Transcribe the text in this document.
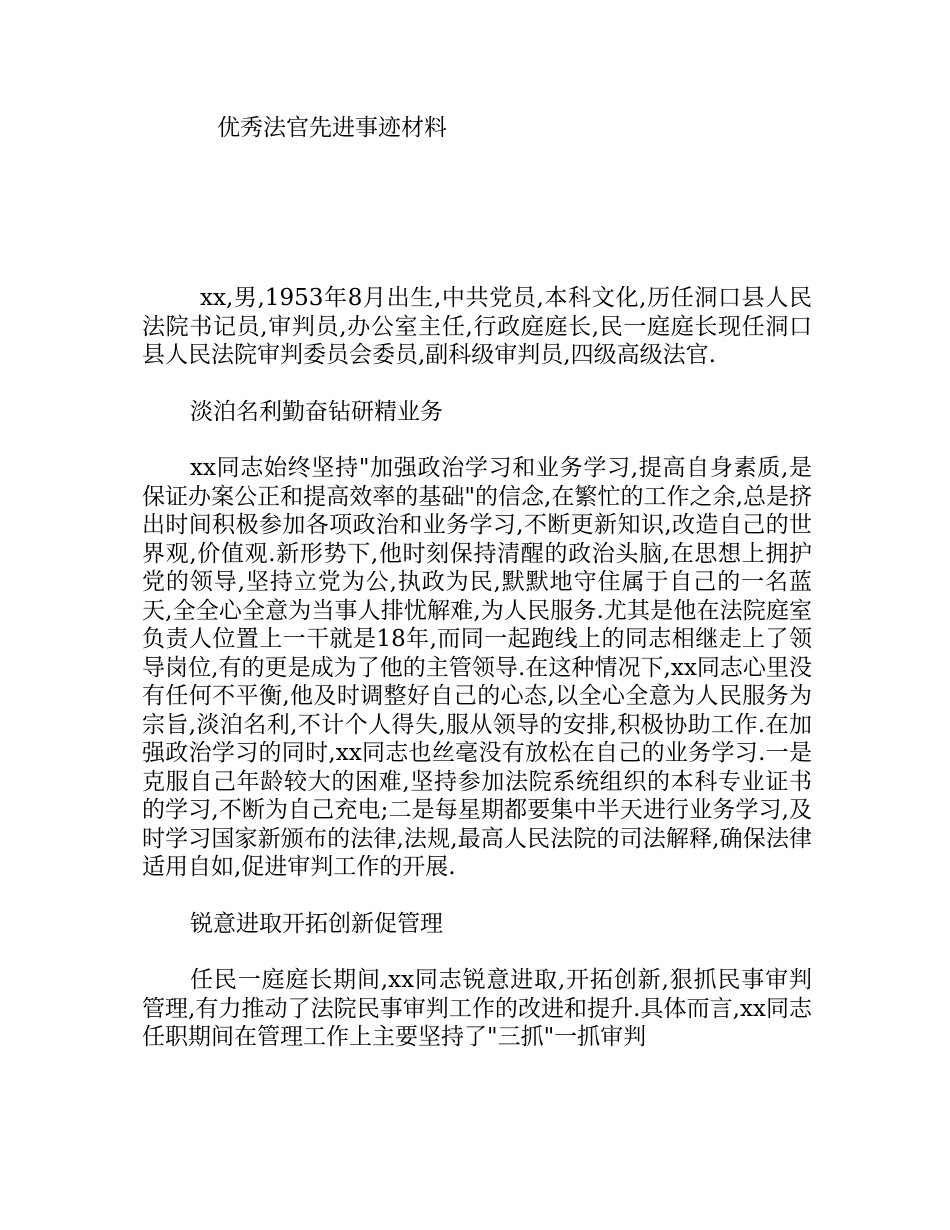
优秀法官先进事迹材料

xx,男,1953年8月出生,中共党员,本科文化,历任洞口县人民法院书记员,审判员,办公室主任,行政庭庭长,民一庭庭长现任洞口县人民法院审判委员会委员,副科级审判员,四级高级法官.

淡泊名利勤奋钻研精业务

xx同志始终坚持"加强政治学习和业务学习,提高自身素质,是保证办案公正和提高效率的基础"的信念,在繁忙的工作之余,总是挤出时间积极参加各项政治和业务学习,不断更新知识,改造自己的世界观,价值观.新形势下,他时刻保持清醒的政治头脑,在思想上拥护党的领导,坚持立党为公,执政为民,默默地守住属于自己的一名蓝天,全全心全意为当事人排忧解难,为人民服务.尤其是他在法院庭室负责人位置上一干就是18年,而同一起跑线上的同志相继走上了领导岗位,有的更是成为了他的主管领导.在这种情况下,xx同志心里没有任何不平衡,他及时调整好自己的心态,以全心全意为人民服务为宗旨,淡泊名利,不计个人得失,服从领导的安排,积极协助工作.在加强政治学习的同时,xx同志也丝毫没有放松在自己的业务学习.一是克服自己年龄较大的困难,坚持参加法院系统组织的本科专业证书的学习,不断为自己充电;二是每星期都要集中半天进行业务学习,及时学习国家新颁布的法律,法规,最高人民法院的司法解释,确保法律适用自如,促进审判工作的开展.

锐意进取开拓创新促管理

任民一庭庭长期间,xx同志锐意进取,开拓创新,狠抓民事审判管理,有力推动了法院民事审判工作的改进和提升.具体而言,xx同志任职期间在管理工作上主要坚持了"三抓"一抓审判
